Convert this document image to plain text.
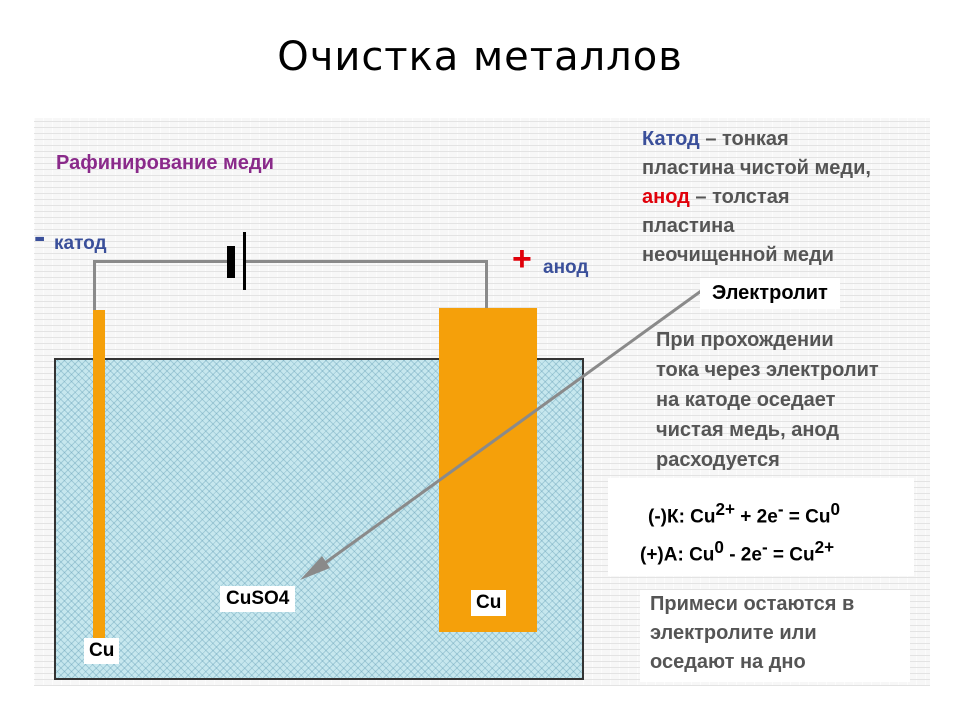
Очистка металлов
Рафинирование меди
- катод	+ анод
Cu
Cu
CuSO4
Электролит
Катод – тонкая
пластина чистой меди,
анод – толстая
пластина
неочищенной меди
При прохождении
тока через электролит
на катоде оседает
чистая медь, анод
расходуется
(-)К: $Cu^{2+} + 2e^- = Cu^0$
(+)А: $Cu^0 - 2e^- = Cu^{2+}$
Примеси остаются в
электролите или
оседают на дно
